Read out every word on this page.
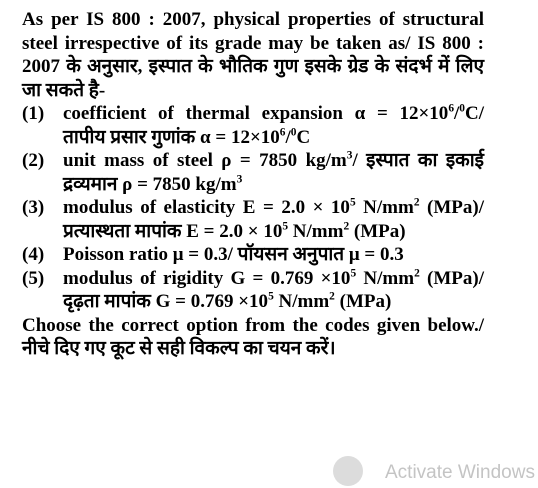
As per IS 800 : 2007, physical properties of structural steel irrespective of its grade may be taken as/ IS 800 : 2007 के अनुसार, इस्पात के भौतिक गुण इसके ग्रेड के संदर्भ में लिए जा सकते है-

(1) coefficient of thermal expansion $\alpha = 12\times 10^6/^0C/$ तापीय प्रसार गुणांक $\alpha = 12\times 10^6/^0C$
(2) unit mass of steel ρ = 7850 $kg/m^3/$ इस्पात का इकाई द्रव्यमान ρ = 7850 $kg/m^3$
(3) modulus of elasticity $E = 2.0 \times 10^5$ $N/mm^2$ (MPa)/ प्रत्यास्थता मापांक $E = 2.0 \times 10^5$ $N/mm^2$ (MPa)
(4) Poisson ratio μ = 0.3/ पॉयसन अनुपात μ = 0.3
(5) modulus of rigidity $G = 0.769 \times 10^5$ $N/mm^2$ (MPa)/ दृढ़ता मापांक $G = 0.769 \times 10^5$ $N/mm^2$ (MPa)

Choose the correct option from the codes given below./ नीचे दिए गए कूट से सही विकल्प का चयन करें।

Activate Windows
